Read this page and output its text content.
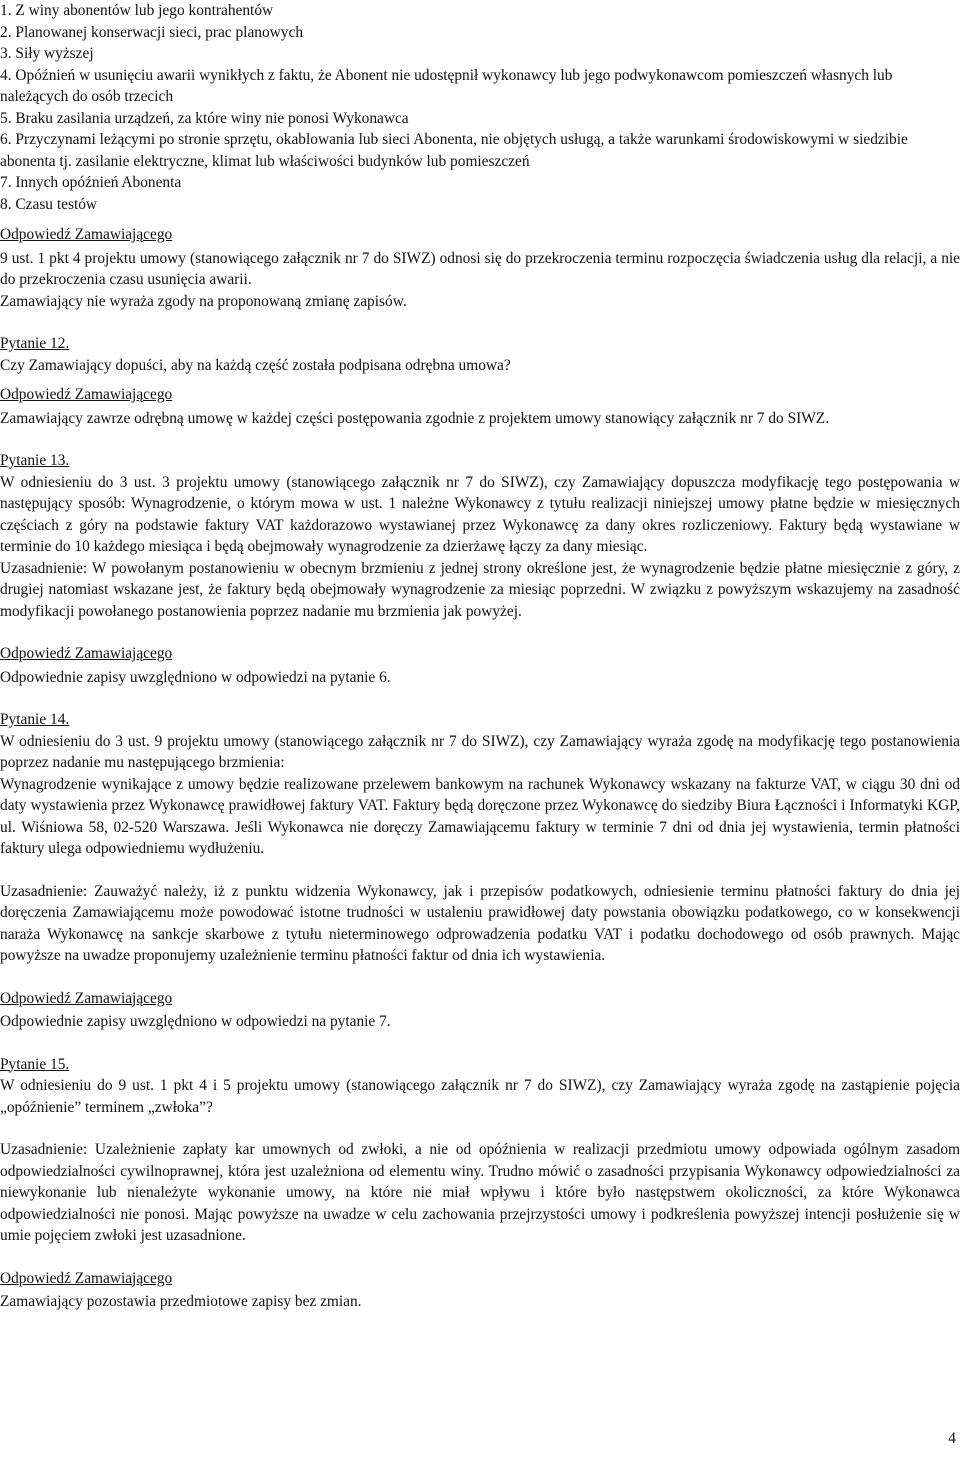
1. Z winy abonentów lub jego kontrahentów
2. Planowanej konserwacji sieci, prac planowych
3. Siły wyższej
4. Opóźnień w usunięciu awarii wynikłych z faktu, że Abonent nie udostępnił wykonawcy lub jego podwykonawcom pomieszczeń własnych lub należących do osób trzecich
5. Braku zasilania urządzeń, za które winy nie ponosi Wykonawca
6. Przyczynami leżącymi po stronie sprzętu, okablowania lub sieci Abonenta, nie objętych usługą, a także warunkami środowiskowymi w siedzibie abonenta tj. zasilanie elektryczne, klimat lub właściwości budynków lub pomieszczeń
7. Innych opóźnień Abonenta
8. Czasu testów
Odpowiedź Zamawiającego
9 ust. 1 pkt 4 projektu umowy (stanowiącego załącznik nr 7 do SIWZ) odnosi się do przekroczenia terminu rozpoczęcia świadczenia usług dla relacji, a nie do przekroczenia czasu usunięcia awarii.
Zamawiający nie wyraża zgody na proponowaną zmianę zapisów.
Pytanie 12.
Czy Zamawiający dopuści, aby na każdą część została podpisana odrębna umowa?
Odpowiedź Zamawiającego
Zamawiający zawrze odrębną umowę w każdej części postępowania zgodnie z projektem umowy stanowiący załącznik nr 7 do SIWZ.
Pytanie 13.
W odniesieniu do 3 ust. 3 projektu umowy (stanowiącego załącznik nr 7 do SIWZ), czy Zamawiający dopuszcza modyfikację tego postępowania w następujący sposób: Wynagrodzenie, o którym mowa w ust. 1 należne Wykonawcy z tytułu realizacji niniejszej umowy płatne będzie w miesięcznych częściach z góry na podstawie faktury VAT każdorazowo wystawianej przez Wykonawcę za dany okres rozliczeniowy. Faktury będą wystawiane w terminie do 10 każdego miesiąca i będą obejmowały wynagrodzenie za dzierżawę łączy za dany miesiąc.
Uzasadnienie: W powołanym postanowieniu w obecnym brzmieniu z jednej strony określone jest, że wynagrodzenie będzie płatne miesięcznie z góry, z drugiej natomiast wskazane jest, że faktury będą obejmowały wynagrodzenie za miesiąc poprzedni. W związku z powyższym wskazujemy na zasadność modyfikacji powołanego postanowienia poprzez nadanie mu brzmienia jak powyżej.
Odpowiedź Zamawiającego
Odpowiednie zapisy uwzględniono w odpowiedzi na pytanie 6.
Pytanie 14.
W odniesieniu do 3 ust. 9 projektu umowy (stanowiącego załącznik nr 7 do SIWZ), czy Zamawiający wyraża zgodę na modyfikację tego postanowienia poprzez nadanie mu następującego brzmienia:
Wynagrodzenie wynikające z umowy będzie realizowane przelewem bankowym na rachunek Wykonawcy wskazany na fakturze VAT, w ciągu 30 dni od daty wystawienia przez Wykonawcę prawidłowej faktury VAT. Faktury będą doręczone przez Wykonawcę do siedziby Biura Łączności i Informatyki KGP, ul. Wiśniowa 58, 02-520 Warszawa. Jeśli Wykonawca nie doręczy Zamawiającemu faktury w terminie 7 dni od dnia jej wystawienia, termin płatności faktury ulega odpowiedniemu wydłużeniu.
Uzasadnienie: Zauważyć należy, iż z punktu widzenia Wykonawcy, jak i przepisów podatkowych, odniesienie terminu płatności faktury do dnia jej doręczenia Zamawiającemu może powodować istotne trudności w ustaleniu prawidłowej daty powstania obowiązku podatkowego, co w konsekwencji naraża Wykonawcę na sankcje skarbowe z tytułu nieterminowego odprowadzenia podatku VAT i podatku dochodowego od osób prawnych. Mając powyższe na uwadze proponujemy uzależnienie terminu płatności faktur od dnia ich wystawienia.
Odpowiedź Zamawiającego
Odpowiednie zapisy uwzględniono w odpowiedzi na pytanie 7.
Pytanie 15.
W odniesieniu do 9 ust. 1 pkt 4 i 5 projektu umowy (stanowiącego załącznik nr 7 do SIWZ), czy Zamawiający wyraża zgodę na zastąpienie pojęcia „opóźnienie” terminem „zwłoka”?
Uzasadnienie: Uzależnienie zapłaty kar umownych od zwłoki, a nie od opóźnienia w realizacji przedmiotu umowy odpowiada ogólnym zasadom odpowiedzialności cywilnoprawnej, która jest uzależniona od elementu winy. Trudno mówić o zasadności przypisania Wykonawcy odpowiedzialności za niewykonanie lub nienależyte wykonanie umowy, na które nie miał wpływu i które było następstwem okoliczności, za które Wykonawca odpowiedzialności nie ponosi. Mając powyższe na uwadze w celu zachowania przejrzystości umowy i podkreślenia powyższej intencji posłużenie się w umie pojęciem zwłoki jest uzasadnione.
Odpowiedź Zamawiającego
Zamawiający pozostawia przedmiotowe zapisy bez zmian.
4
